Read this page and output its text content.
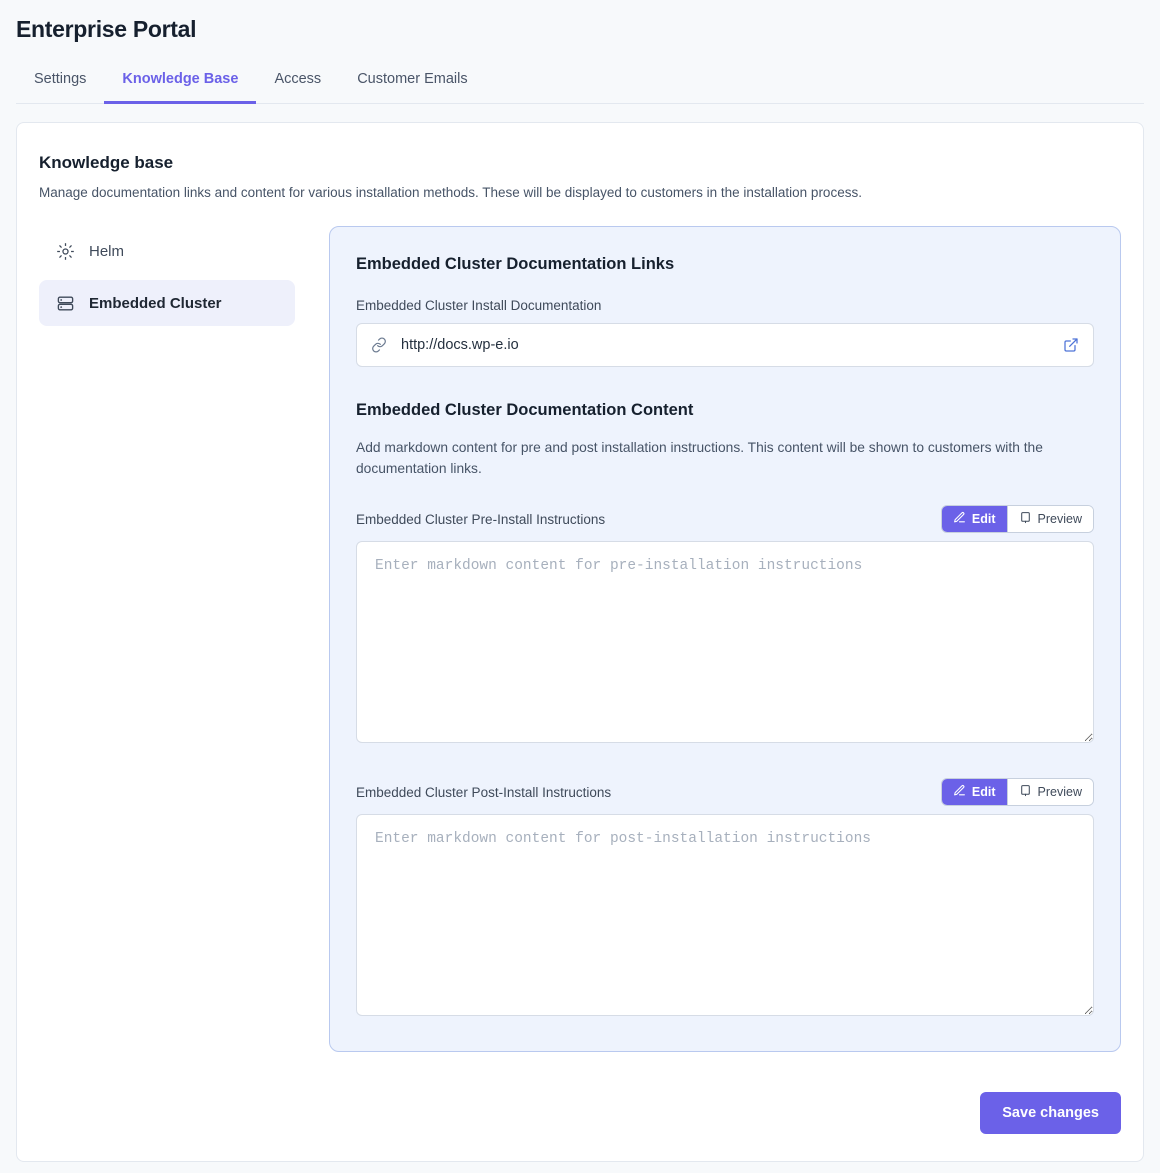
Enterprise Portal
Settings	Knowledge Base	Access	Customer Emails
Knowledge base
Manage documentation links and content for various installation methods. These will be displayed to customers in the installation process.
Helm
Embedded Cluster
Embedded Cluster Documentation Links
Embedded Cluster Install Documentation
http://docs.wp-e.io
Embedded Cluster Documentation Content
Add markdown content for pre and post installation instructions. This content will be shown to customers with the documentation links.
Embedded Cluster Pre-Install Instructions	Edit	Preview
Enter markdown content for pre-installation instructions
Embedded Cluster Post-Install Instructions	Edit	Preview
Enter markdown content for post-installation instructions
Save changes
